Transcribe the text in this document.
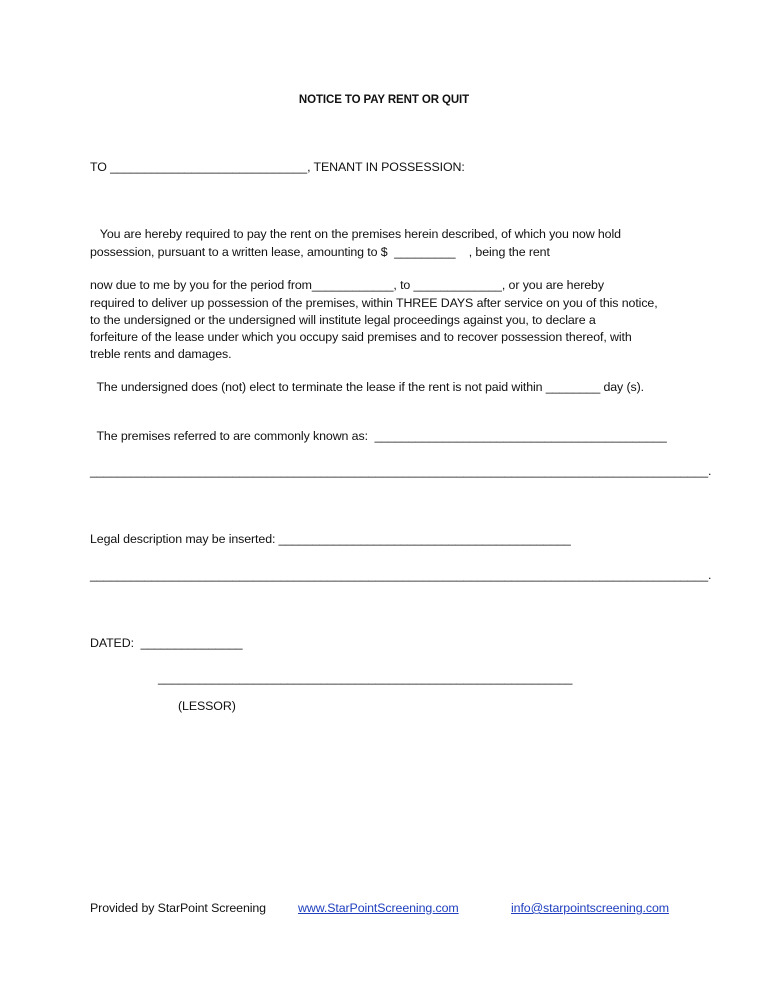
NOTICE TO PAY RENT OR QUIT
TO _____________________________, TENANT IN POSSESSION:
You are hereby required to pay the rent on the premises herein described, of which you now hold
possession, pursuant to a written lease, amounting to $  _________    , being the rent
now due to me by you for the period from____________, to _____________, or you are hereby
required to deliver up possession of the premises, within THREE DAYS after service on you of this notice,
to the undersigned or the undersigned will institute legal proceedings against you, to declare a
forfeiture of the lease under which you occupy said premises and to recover possession thereof, with
treble rents and damages.
The undersigned does (not) elect to terminate the lease if the rent is not paid within ________ day (s).
The premises referred to are commonly known as:  ___________________________________________
___________________________________________________________________________________________.
Legal description may be inserted: ___________________________________________
___________________________________________________________________________________________.
DATED:  _______________
_____________________________________________________________
(LESSOR)
Provided by StarPoint Screening	www.StarPointScreening.com	info@starpointscreening.com
